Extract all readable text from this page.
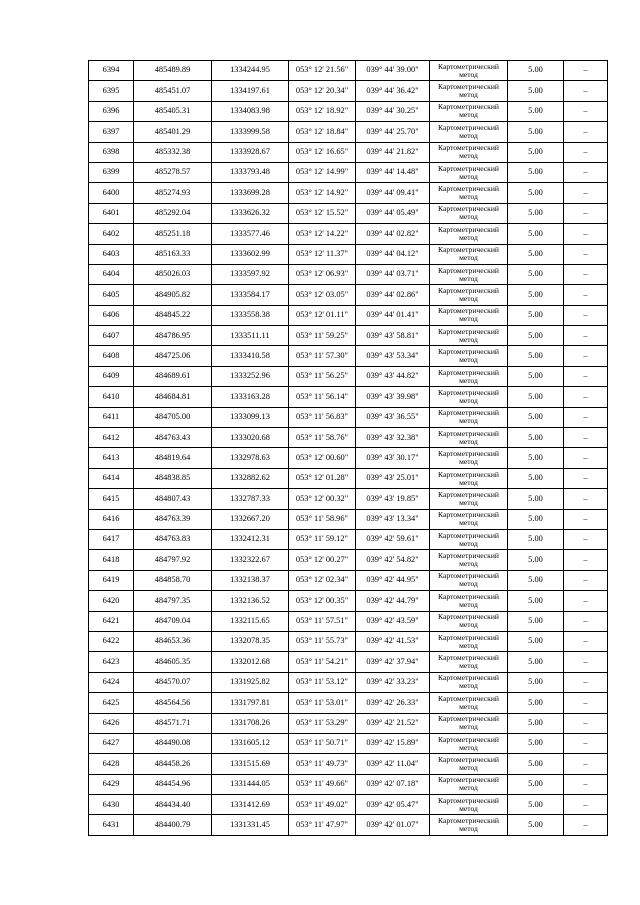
6394	485489.89	1334244.95	053° 12' 21.56"	039° 44' 39.00"	Картометрический метод	5.00	–
6395	485451.07	1334197.61	053° 12' 20.34"	039° 44' 36.42"	Картометрический метод	5.00	–
6396	485405.31	1334083.98	053° 12' 18.92"	039° 44' 30.25"	Картометрический метод	5.00	–
6397	485401.29	1333999.58	053° 12' 18.84"	039° 44' 25.70"	Картометрический метод	5.00	–
6398	485332.38	1333928.67	053° 12' 16.65"	039° 44' 21.82"	Картометрический метод	5.00	–
6399	485278.57	1333793.48	053° 12' 14.99"	039° 44' 14.48"	Картометрический метод	5.00	–
6400	485274.93	1333699.28	053° 12' 14.92"	039° 44' 09.41"	Картометрический метод	5.00	–
6401	485292.04	1333626.32	053° 12' 15.52"	039° 44' 05.49"	Картометрический метод	5.00	–
6402	485251.18	1333577.46	053° 12' 14.22"	039° 44' 02.82"	Картометрический метод	5.00	–
6403	485163.33	1333602.99	053° 12' 11.37"	039° 44' 04.12"	Картометрический метод	5.00	–
6404	485026.03	1333597.92	053° 12' 06.93"	039° 44' 03.71"	Картометрический метод	5.00	–
6405	484905.82	1333584.17	053° 12' 03.05"	039° 44' 02.86"	Картометрический метод	5.00	–
6406	484845.22	1333558.38	053° 12' 01.11"	039° 44' 01.41"	Картометрический метод	5.00	–
6407	484786.95	1333511.11	053° 11' 59.25"	039° 43' 58.81"	Картометрический метод	5.00	–
6408	484725.06	1333410.58	053° 11' 57.30"	039° 43' 53.34"	Картометрический метод	5.00	–
6409	484689.61	1333252.96	053° 11' 56.25"	039° 43' 44.82"	Картометрический метод	5.00	–
6410	484684.81	1333163.28	053° 11' 56.14"	039° 43' 39.98"	Картометрический метод	5.00	–
6411	484705.00	1333099.13	053° 11' 56.83"	039° 43' 36.55"	Картометрический метод	5.00	–
6412	484763.43	1333020.68	053° 11' 58.76"	039° 43' 32.38"	Картометрический метод	5.00	–
6413	484819.64	1332978.63	053° 12' 00.60"	039° 43' 30.17"	Картометрический метод	5.00	–
6414	484838.85	1332882.62	053° 12' 01.28"	039° 43' 25.01"	Картометрический метод	5.00	–
6415	484807.43	1332787.33	053° 12' 00.32"	039° 43' 19.85"	Картометрический метод	5.00	–
6416	484763.39	1332667.20	053° 11' 58.96"	039° 43' 13.34"	Картометрический метод	5.00	–
6417	484763.83	1332412.31	053° 11' 59.12"	039° 42' 59.61"	Картометрический метод	5.00	–
6418	484797.92	1332322.67	053° 12' 00.27"	039° 42' 54.82"	Картометрический метод	5.00	–
6419	484858.70	1332138.37	053° 12' 02.34"	039° 42' 44.95"	Картометрический метод	5.00	–
6420	484797.35	1332136.52	053° 12' 00.35"	039° 42' 44.79"	Картометрический метод	5.00	–
6421	484709.04	1332115.65	053° 11' 57.51"	039° 42' 43.59"	Картометрический метод	5.00	–
6422	484653.36	1332078.35	053° 11' 55.73"	039° 42' 41.53"	Картометрический метод	5.00	–
6423	484605.35	1332012.68	053° 11' 54.21"	039° 42' 37.94"	Картометрический метод	5.00	–
6424	484570.07	1331925.82	053° 11' 53.12"	039° 42' 33.23"	Картометрический метод	5.00	–
6425	484564.56	1331797.81	053° 11' 53.01"	039° 42' 26.33"	Картометрический метод	5.00	–
6426	484571.71	1331708.26	053° 11' 53.29"	039° 42' 21.52"	Картометрический метод	5.00	–
6427	484490.08	1331605.12	053° 11' 50.71"	039° 42' 15.89"	Картометрический метод	5.00	–
6428	484458.26	1331515.69	053° 11' 49.73"	039° 42' 11.04"	Картометрический метод	5.00	–
6429	484454.96	1331444.05	053° 11' 49.66"	039° 42' 07.18"	Картометрический метод	5.00	–
6430	484434.40	1331412.69	053° 11' 49.02"	039° 42' 05.47"	Картометрический метод	5.00	–
6431	484400.79	1331331.45	053° 11' 47.97"	039° 42' 01.07"	Картометрический метод	5.00	–
